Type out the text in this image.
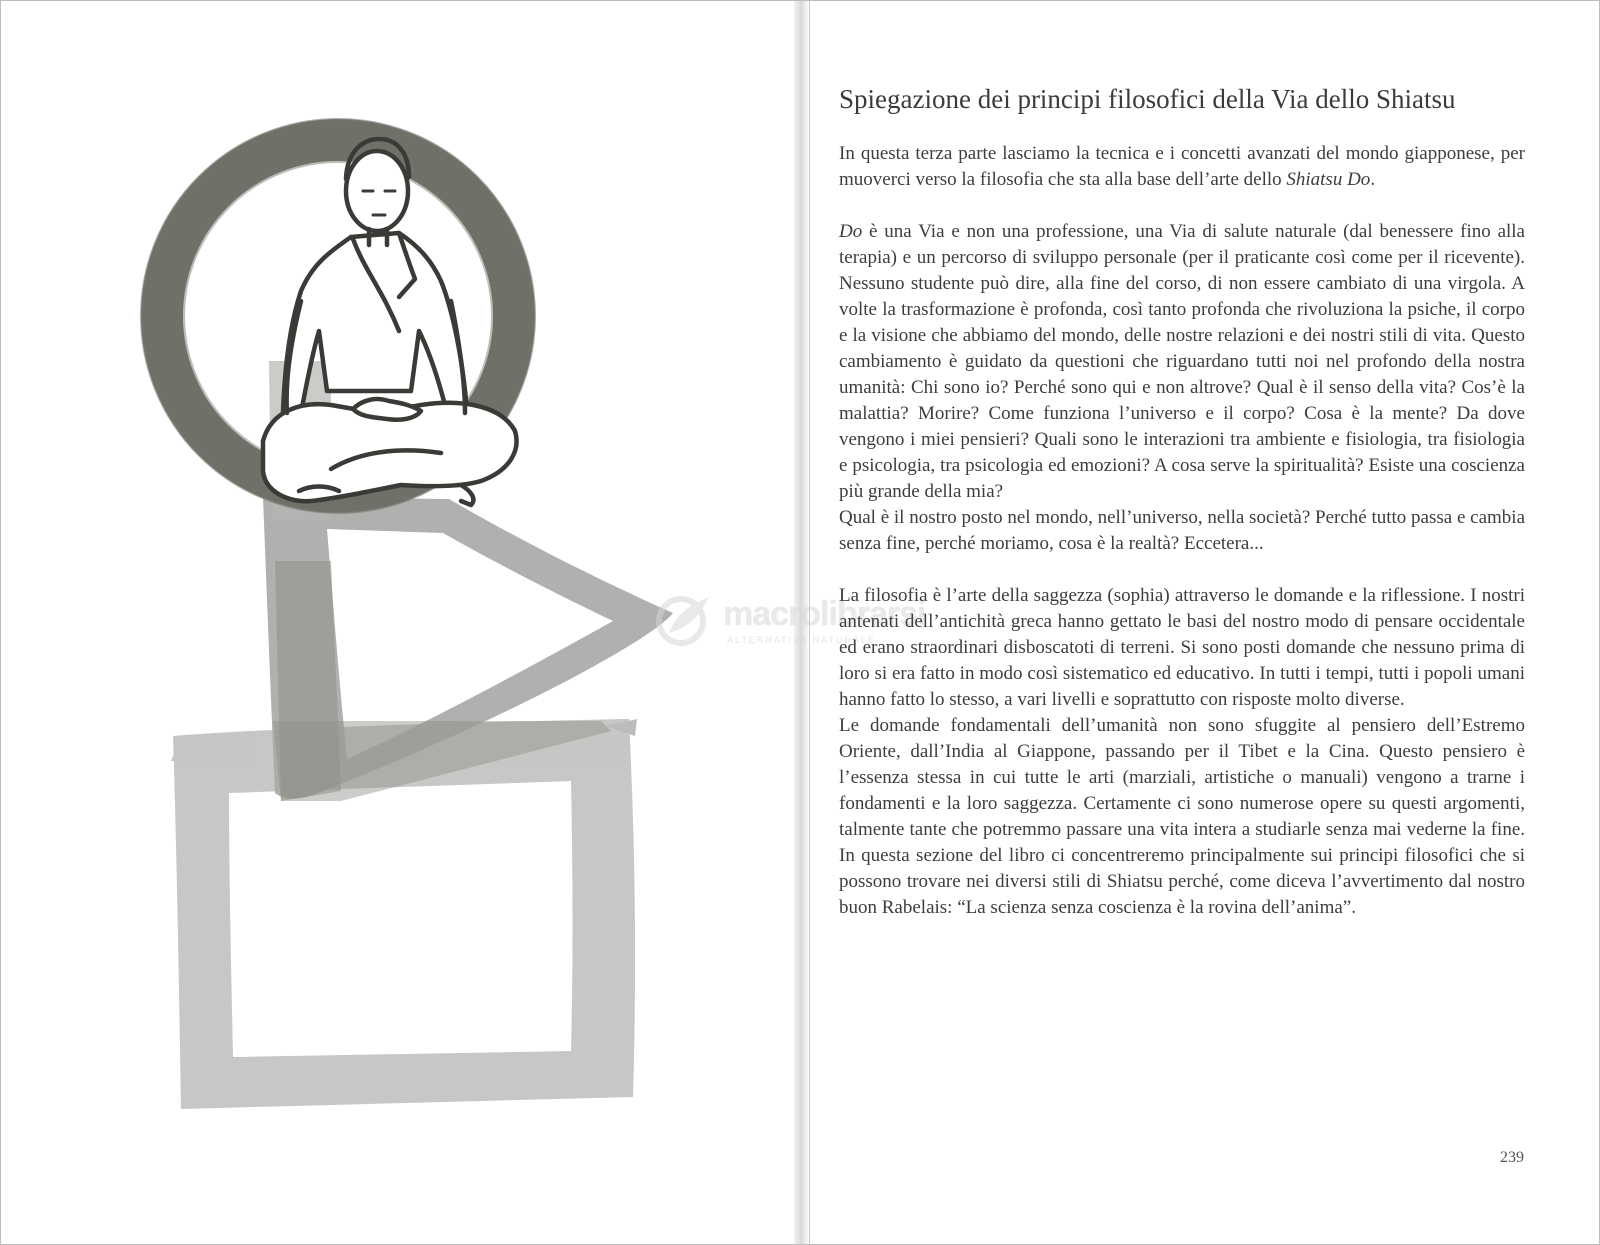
macrolibrarsi
ALTERNATIVA NATURALE
Spiegazione dei principi filosofici della Via dello Shiatsu

In questa terza parte lasciamo la tecnica e i concetti avanzati del mondo giapponese, per muoverci verso la filosofia che sta alla base dell’arte dello Shiatsu Do.

Do è una Via e non una professione, una Via di salute naturale (dal benessere fino alla terapia) e un percorso di sviluppo personale (per il praticante così come per il ricevente). Nessuno studente può dire, alla fine del corso, di non essere cambiato di una virgola. A volte la trasformazione è profonda, così tanto profonda che rivoluziona la psiche, il corpo e la visione che abbiamo del mondo, delle nostre relazioni e dei nostri stili di vita. Questo cambiamento è guidato da questioni che riguardano tutti noi nel profondo della nostra umanità: Chi sono io? Perché sono qui e non altrove? Qual è il senso della vita? Cos’è la malattia? Morire? Come funziona l’universo e il corpo? Cosa è la mente? Da dove vengono i miei pensieri? Quali sono le interazioni tra ambiente e fisiologia, tra fisiologia e psicologia, tra psicologia ed emozioni? A cosa serve la spiritualità? Esiste una coscienza più grande della mia?

Qual è il nostro posto nel mondo, nell’universo, nella società? Perché tutto passa e cambia senza fine, perché moriamo, cosa è la realtà? Eccetera...

La filosofia è l’arte della saggezza (sophia) attraverso le domande e la riflessione. I nostri antenati dell’antichità greca hanno gettato le basi del nostro modo di pensare occidentale ed erano straordinari disboscatoti di terreni. Si sono posti domande che nessuno prima di loro si era fatto in modo così sistematico ed educativo. In tutti i tempi, tutti i popoli umani hanno fatto lo stesso, a vari livelli e soprattutto con risposte molto diverse.

Le domande fondamentali dell’umanità non sono sfuggite al pensiero dell’Estremo Oriente, dall’India al Giappone, passando per il Tibet e la Cina. Questo pensiero è l’essenza stessa in cui tutte le arti (marziali, artistiche o manuali) vengono a trarne i fondamenti e la loro saggezza. Certamente ci sono numerose opere su questi argomenti, talmente tante che potremmo passare una vita intera a studiarle senza mai vederne la fine. In questa sezione del libro ci concentreremo principalmente sui principi filosofici che si possono trovare nei diversi stili di Shiatsu perché, come diceva l’avvertimento dal nostro buon Rabelais: “La scienza senza coscienza è la rovina dell’anima”.

239
